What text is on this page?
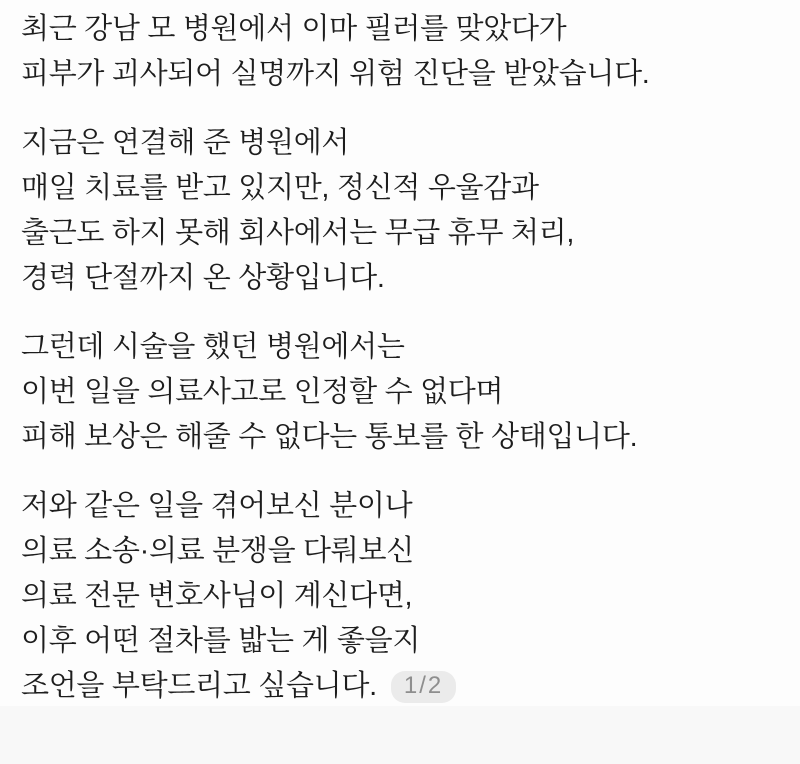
최근 강남 모 병원에서 이마 필러를 맞았다가
피부가 괴사되어 실명까지 위험 진단을 받았습니다.

지금은 연결해 준 병원에서
매일 치료를 받고 있지만, 정신적 우울감과
출근도 하지 못해 회사에서는 무급 휴무 처리,
경력 단절까지 온 상황입니다.

그런데 시술을 했던 병원에서는
이번 일을 의료사고로 인정할 수 없다며
피해 보상은 해줄 수 없다는 통보를 한 상태입니다.

저와 같은 일을 겪어보신 분이나
의료 소송·의료 분쟁을 다뤄보신
의료 전문 변호사님이 계신다면,
이후 어떤 절차를 밟는 게 좋을지
조언을 부탁드리고 싶습니다. 1/2
